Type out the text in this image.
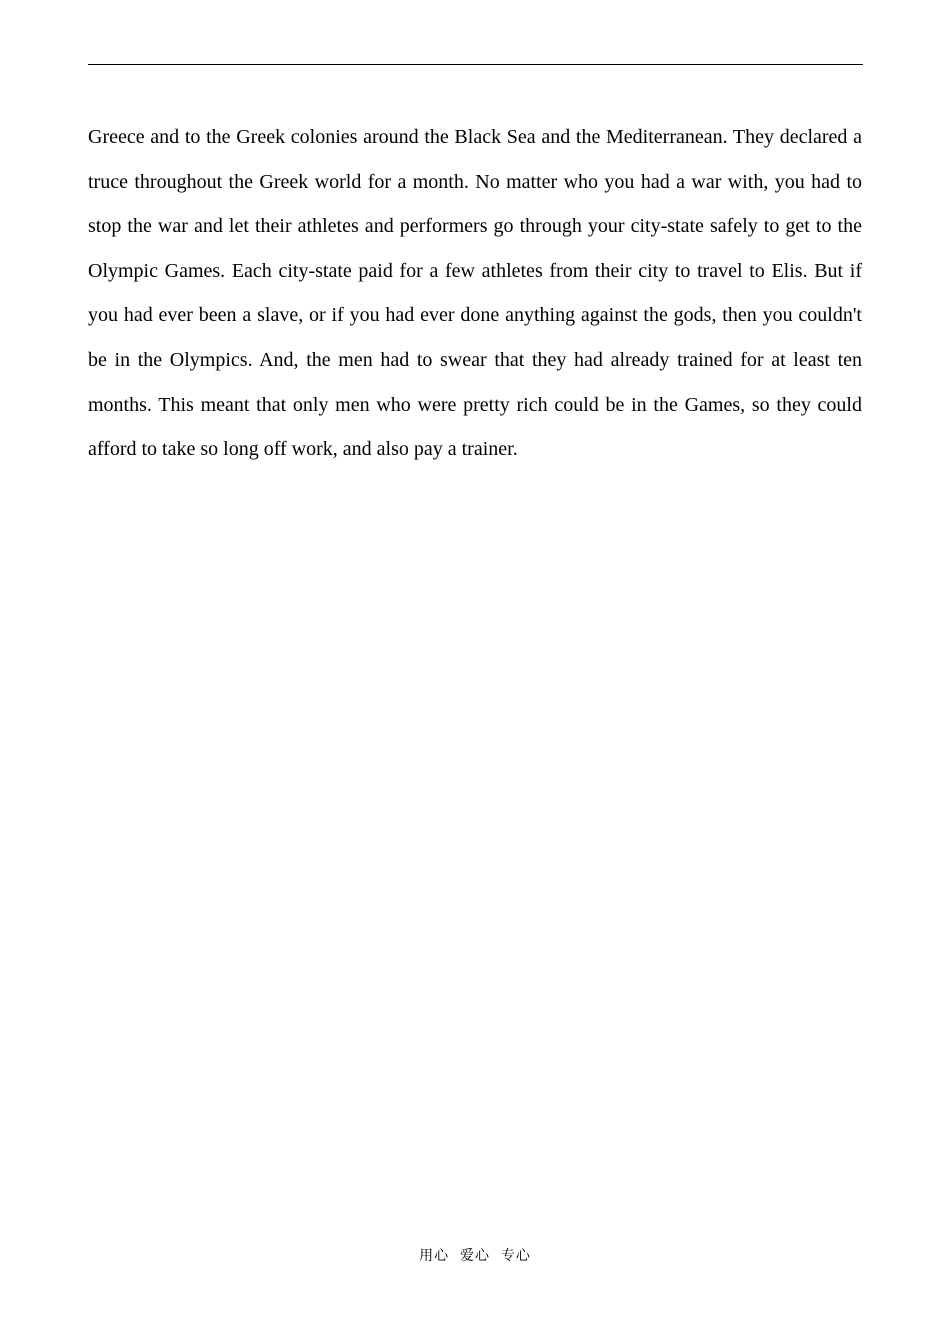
Greece and to the Greek colonies around the Black Sea and the Mediterranean. They declared a truce throughout the Greek world for a month. No matter who you had a war with, you had to stop the war and let their athletes and performers go through your city-state safely to get to the Olympic Games. Each city-state paid for a few athletes from their city to travel to Elis. But if you had ever been a slave, or if you had ever done anything against the gods, then you couldn't be in the Olympics. And, the men had to swear that they had already trained for at least ten months. This meant that only men who were pretty rich could be in the Games, so they could afford to take so long off work, and also pay a trainer.

用心  爱心  专心
